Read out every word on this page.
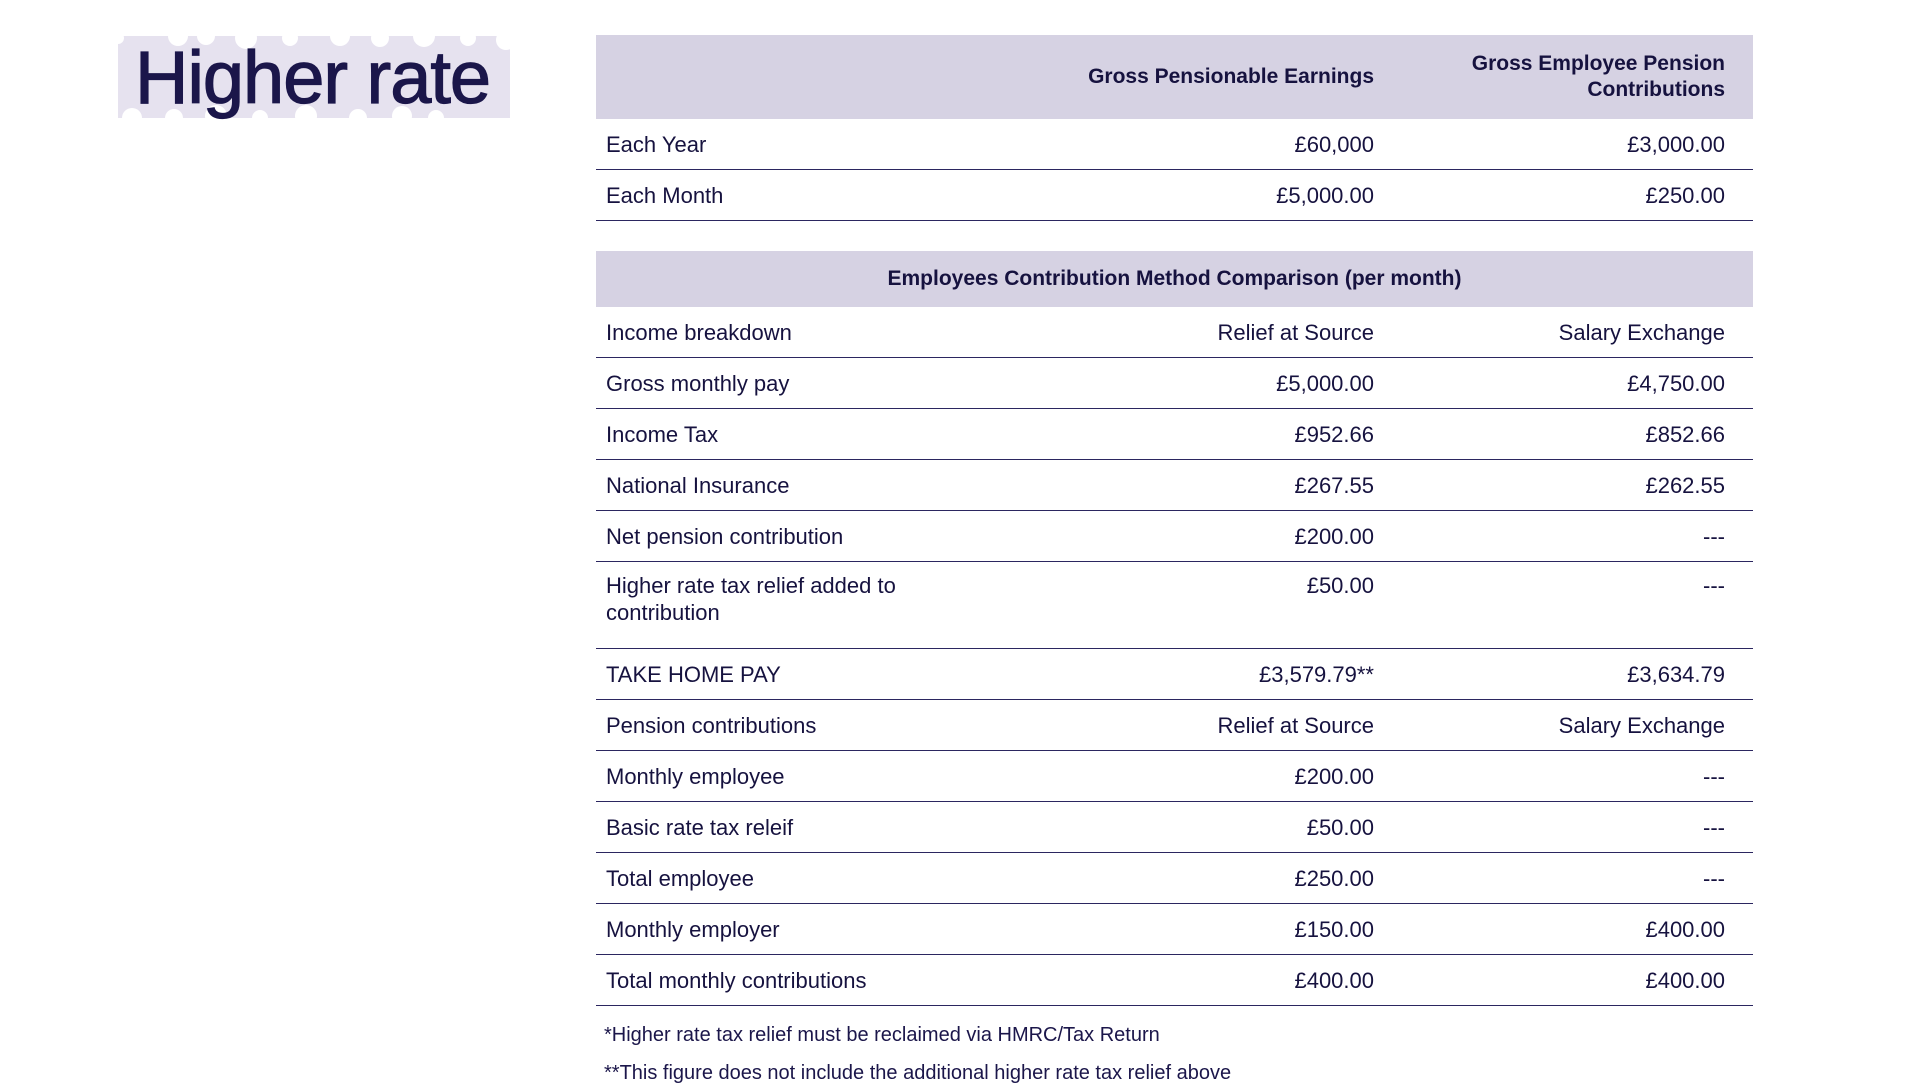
Higher rate
		Gross Pensionable Earnings	Gross Employee Pension Contributions
Each Year	£60,000	£3,000.00
Each Month	£5,000.00	£250.00
Employees Contribution Method Comparison (per month)		
Income breakdown	Relief at Source	Salary Exchange
Gross monthly pay	£5,000.00	£4,750.00
Income Tax	£952.66	£852.66
National Insurance	£267.55	£262.55
Net pension contribution	£200.00	---
Higher rate tax relief added to contribution	£50.00	---
TAKE HOME PAY	£3,579.79**	£3,634.79
Pension contributions	Relief at Source	Salary Exchange
Monthly employee	£200.00	---
Basic rate tax releif	£50.00	---
Total employee	£250.00	---
Monthly employer	£150.00	£400.00
Total monthly contributions	£400.00	£400.00
*Higher rate tax relief must be reclaimed via HMRC/Tax Return
**This figure does not include the additional higher rate tax relief above
